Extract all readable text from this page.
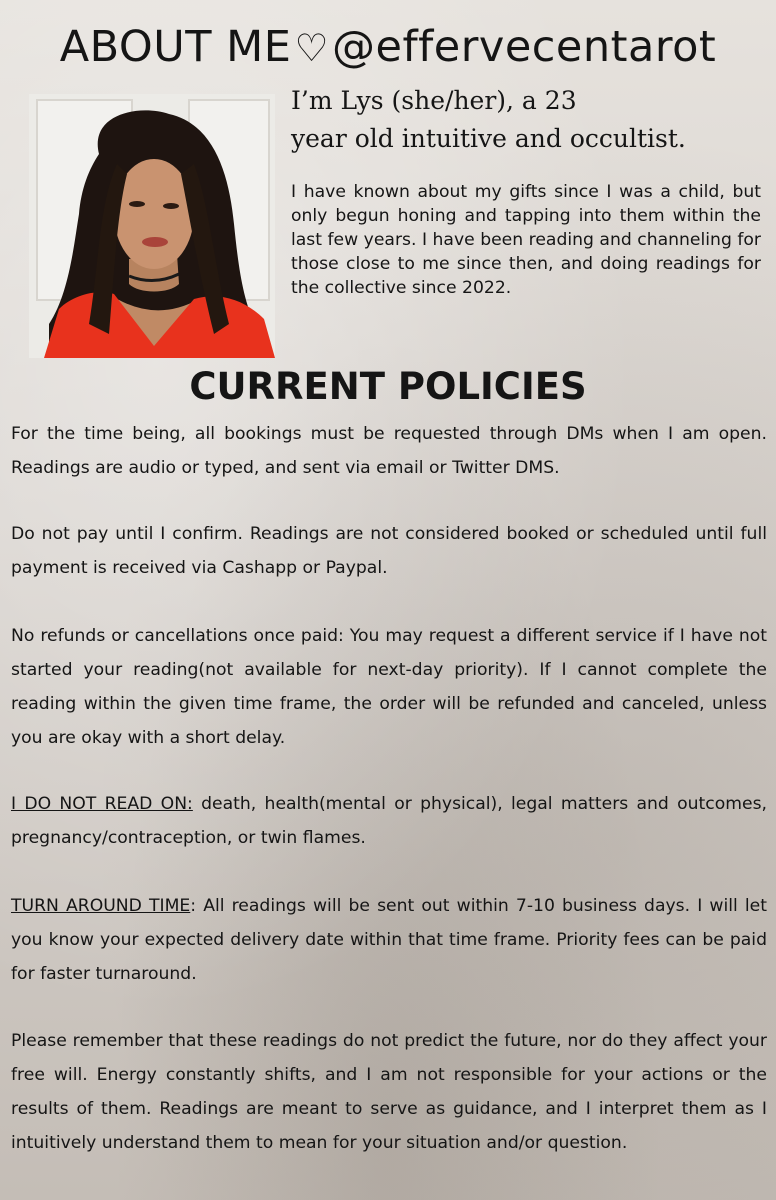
ABOUT ME♡@effervecentarot
I’m Lys (she/her), a 23
year old intuitive and occultist.
I have known about my gifts since I was a child, but only begun honing and tapping into them within the last few years. I have been reading and channeling for those close to me since then, and doing readings for the collective since 2022.
CURRENT POLICIES

For the time being, all bookings must be requested through DMs when I am open. Readings are audio or typed, and sent via email or Twitter DMS.

Do not pay until I confirm. Readings are not considered booked or scheduled until full payment is received via Cashapp or Paypal.

No refunds or cancellations once paid: You may request a different service if I have not started your reading(not available for next-day priority). If I cannot complete the reading within the given time frame, the order will be refunded and canceled, unless you are okay with a short delay.

I DO NOT READ ON: death, health(mental or physical), legal matters and outcomes, pregnancy/contraception, or twin flames.

TURN AROUND TIME: All readings will be sent out within 7-10 business days. I will let you know your expected delivery date within that time frame. Priority fees can be paid for faster turnaround.

Please remember that these readings do not predict the future, nor do they affect your free will. Energy constantly shifts, and I am not responsible for your actions or the results of them. Readings are meant to serve as guidance, and I interpret them as I intuitively understand them to mean for your situation and/or question.
